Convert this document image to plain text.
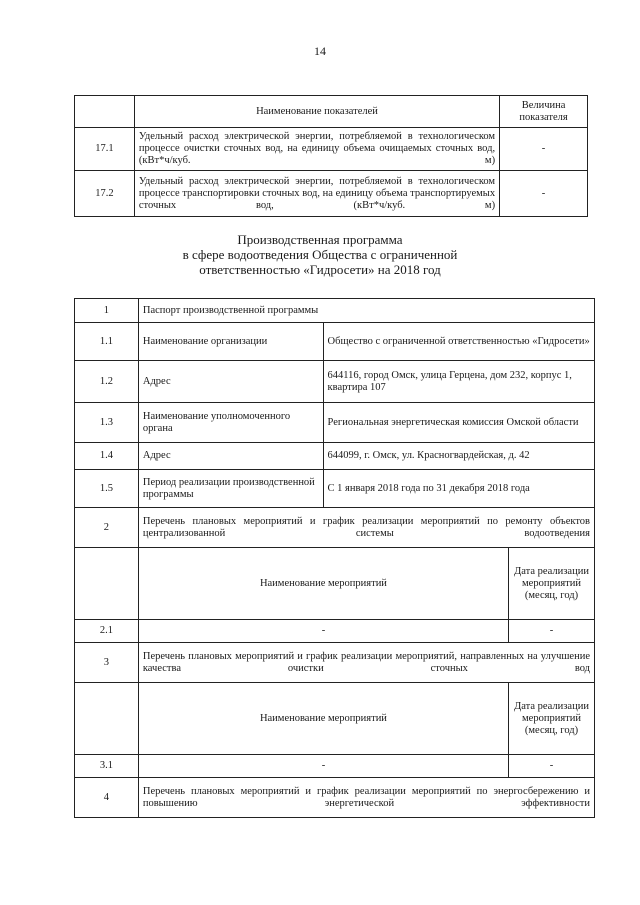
14
	Наименование показателей	Величина показателя
17.1	Удельный расход электрической энергии, потребляемой в технологическом процессе очистки сточных вод, на единицу объема очищаемых сточных вод, (кВт*ч/куб. м)	-
17.2	Удельный расход электрической энергии, потребляемой в технологическом процессе транспортировки сточных вод, на единицу объема транспортируемых сточных вод, (кВт*ч/куб. м)	-
Производственная программа
в сфере водоотведения Общества с ограниченной
ответственностью «Гидросети» на 2018 год
1	Паспорт производственной программы		
1.1	Наименование организации	Общество с ограниченной ответственностью «Гидросети»	
1.2	Адрес	644116, город Омск, улица Герцена, дом 232, корпус 1, квартира 107	
1.3	Наименование уполномоченного органа	Региональная энергетическая комиссия Омской области	
1.4	Адрес	644099, г. Омск, ул. Красногвардейская, д. 42	
1.5	Период реализации производственной программы	С 1 января 2018 года по 31 декабря 2018 года	
2	Перечень плановых мероприятий и график реализации мероприятий по ремонту объектов централизованной системы водоотведения		
	Наименование мероприятий		Дата реализации мероприятий (месяц, год)
2.1	-		-
3	Перечень плановых мероприятий и график реализации мероприятий, направленных на улучшение качества очистки сточных вод		
	Наименование мероприятий		Дата реализации мероприятий (месяц, год)
3.1	-		-
4	Перечень плановых мероприятий и график реализации мероприятий по энергосбережению и повышению энергетической эффективности		
